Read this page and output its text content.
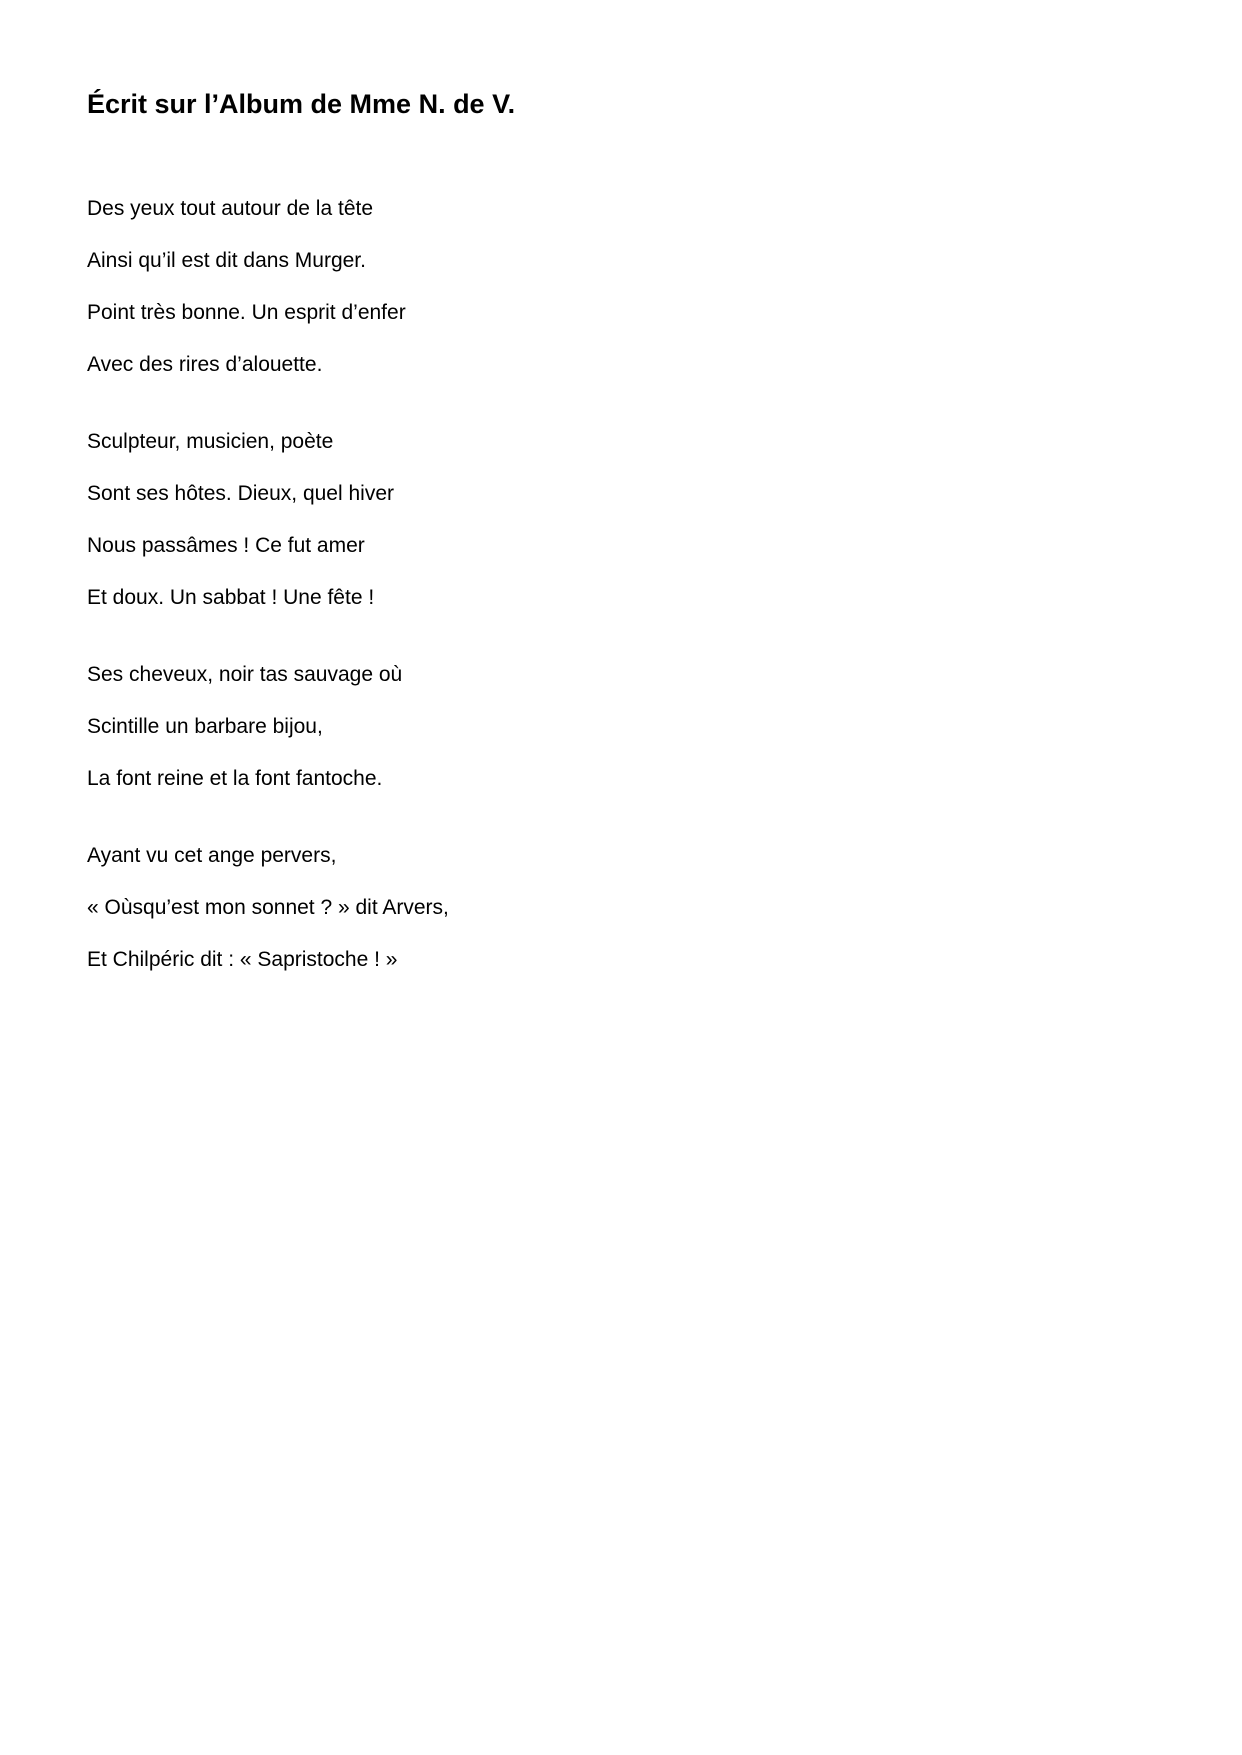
Écrit sur l’Album de Mme N. de V.
Des yeux tout autour de la tête
Ainsi qu’il est dit dans Murger.
Point très bonne. Un esprit d’enfer
Avec des rires d’alouette.
Sculpteur, musicien, poète
Sont ses hôtes. Dieux, quel hiver
Nous passâmes ! Ce fut amer
Et doux. Un sabbat ! Une fête !
Ses cheveux, noir tas sauvage où
Scintille un barbare bijou,
La font reine et la font fantoche.
Ayant vu cet ange pervers,
« Oùsqu’est mon sonnet ? » dit Arvers,
Et Chilpéric dit : « Sapristoche ! »
